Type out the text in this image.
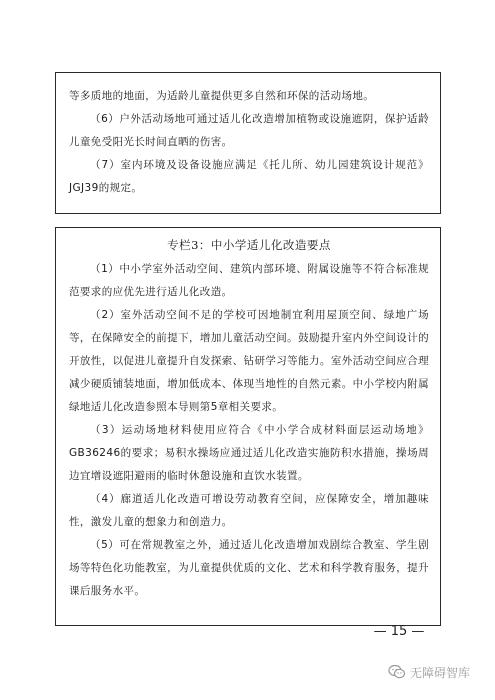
等多质地的地面，为适龄儿童提供更多自然和环保的活动场地。

（6）户外活动场地可通过适儿化改造增加植物或设施遮阴，保护适龄儿童免受阳光长时间直晒的伤害。

（7）室内环境及设备设施应满足《托儿所、幼儿园建筑设计规范》JGJ39的规定。

专栏3：中小学适儿化改造要点

（1）中小学室外活动空间、建筑内部环境、附属设施等不符合标准规范要求的应优先进行适儿化改造。

（2）室外活动空间不足的学校可因地制宜利用屋顶空间、绿地广场等，在保障安全的前提下，增加儿童活动空间。鼓励提升室内外空间设计的开放性，以促进儿童提升自发探索、钻研学习等能力。室外活动空间应合理减少硬质铺装地面，增加低成本、体现当地性的自然元素。中小学校内附属绿地适儿化改造参照本导则第5章相关要求。

（3）运动场地材料使用应符合《中小学合成材料面层运动场地》GB36246的要求；易积水操场应通过适儿化改造实施防积水措施，操场周边宜增设遮阳避雨的临时休憩设施和直饮水装置。

（4）廊道适儿化改造可增设劳动教育空间，应保障安全，增加趣味性，激发儿童的想象力和创造力。

（5）可在常规教室之外，通过适儿化改造增加戏剧综合教室、学生剧场等特色化功能教室，为儿童提供优质的文化、艺术和科学教育服务，提升课后服务水平。

— 15 —
无障碍智库
